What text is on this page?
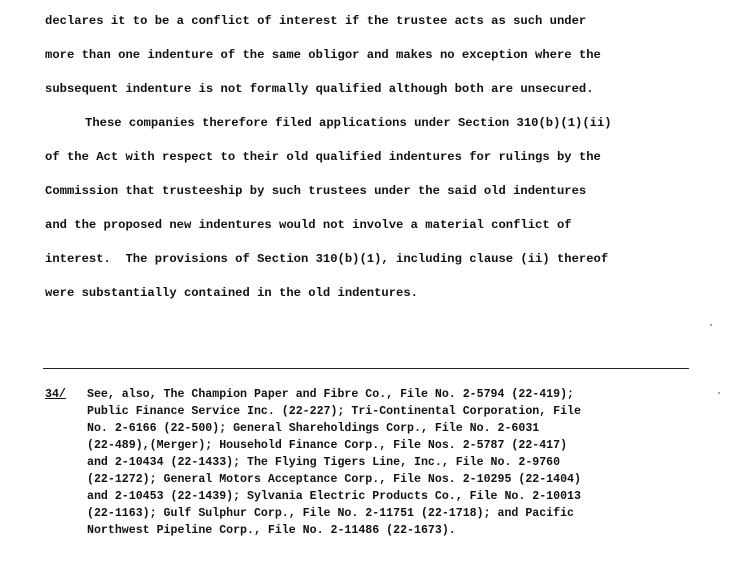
declares it to be a conflict of interest if the trustee acts as such under
more than one indenture of the same obligor and makes no exception where the
subsequent indenture is not formally qualified although both are unsecured.
These companies therefore filed applications under Section 310(b)(1)(ii)
of the Act with respect to their old qualified indentures for rulings by the
Commission that trusteeship by such trustees under the said old indentures
and the proposed new indentures would not involve a material conflict of
interest.  The provisions of Section 310(b)(1), including clause (ii) thereof
were substantially contained in the old indentures.
34/ See, also, The Champion Paper and Fibre Co., File No. 2-5794 (22-419);
Public Finance Service Inc. (22-227); Tri-Continental Corporation, File
No. 2-6166 (22-500); General Shareholdings Corp., File No. 2-6031
(22-489),(Merger); Household Finance Corp., File Nos. 2-5787 (22-417)
and 2-10434 (22-1433); The Flying Tigers Line, Inc., File No. 2-9760
(22-1272); General Motors Acceptance Corp., File Nos. 2-10295 (22-1404)
and 2-10453 (22-1439); Sylvania Electric Products Co., File No. 2-10013
(22-1163); Gulf Sulphur Corp., File No. 2-11751 (22-1718); and Pacific
Northwest Pipeline Corp., File No. 2-11486 (22-1673).
